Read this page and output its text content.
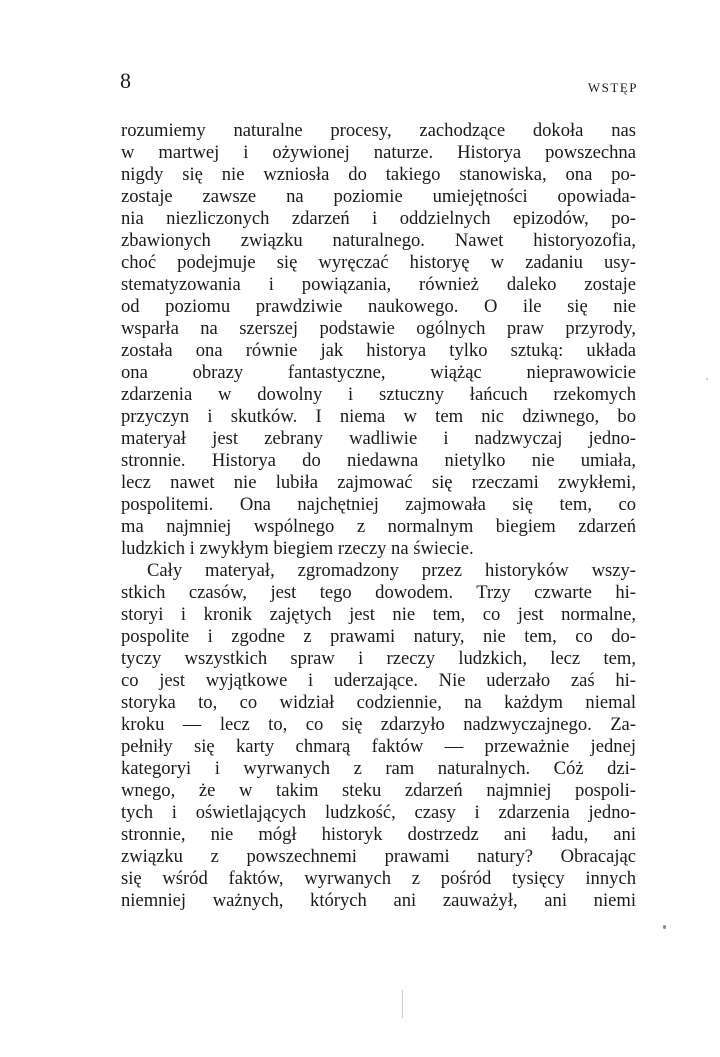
8	WSTĘP
rozumiemy naturalne procesy, zachodzące dokoła nas
w martwej i ożywionej naturze. Historya powszechna
nigdy się nie wzniosła do takiego stanowiska, ona po-
zostaje zawsze na poziomie umiejętności opowiada-
nia niezliczonych zdarzeń i oddzielnych epizodów, po-
zbawionych związku naturalnego. Nawet historyozofia,
choć podejmuje się wyręczać historyę w zadaniu usy-
stematyzowania i powiązania, również daleko zostaje
od poziomu prawdziwie naukowego. O ile się nie
wsparła na szerszej podstawie ogólnych praw przyrody,
została ona równie jak historya tylko sztuką: układa
ona obrazy fantastyczne, wiążąc nieprawowicie
zdarzenia w dowolny i sztuczny łańcuch rzekomych
przyczyn i skutków. I niema w tem nic dziwnego, bo
materyał jest zebrany wadliwie i nadzwyczaj jedno-
stronnie. Historya do niedawna nietylko nie umiała,
lecz nawet nie lubiła zajmować się rzeczami zwykłemi,
pospolitemi. Ona najchętniej zajmowała się tem, co
ma najmniej wspólnego z normalnym biegiem zdarzeń
ludzkich i zwykłym biegiem rzeczy na świecie.
Cały materyał, zgromadzony przez historyków wszy-
stkich czasów, jest tego dowodem. Trzy czwarte hi-
storyi i kronik zajętych jest nie tem, co jest normalne,
pospolite i zgodne z prawami natury, nie tem, co do-
tyczy wszystkich spraw i rzeczy ludzkich, lecz tem,
co jest wyjątkowe i uderzające. Nie uderzało zaś hi-
storyka to, co widział codziennie, na każdym niemal
kroku — lecz to, co się zdarzyło nadzwyczajnego. Za-
pełniły się karty chmarą faktów — przeważnie jednej
kategoryi i wyrwanych z ram naturalnych. Cóż dzi-
wnego, że w takim steku zdarzeń najmniej pospoli-
tych i oświetlających ludzkość, czasy i zdarzenia jedno-
stronnie, nie mógł historyk dostrzedz ani ładu, ani
związku z powszechnemi prawami natury? Obracając
się wśród faktów, wyrwanych z pośród tysięcy innych
niemniej ważnych, których ani zauważył, ani niemi
